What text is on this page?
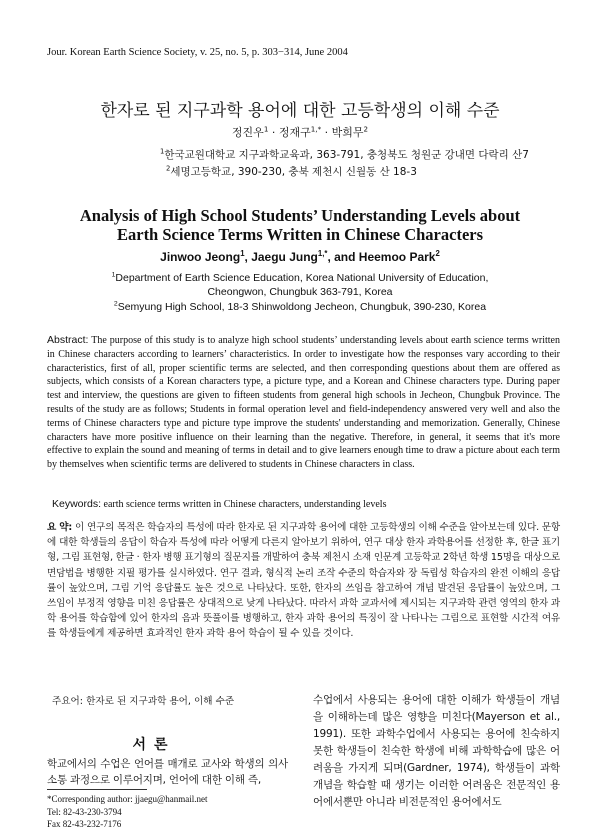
Jour. Korean Earth Science Society, v. 25, no. 5, p. 303−314, June 2004
한자로 된 지구과학 용어에 대한 고등학생의 이해 수준
정진우$^1$ · 정재구$^{1,*}$ · 박희무$^2$
$^1$한국교원대학교 지구과학교육과, 363-791, 충청북도 청원군 강내면 다락리 산7
$^2$세명고등학교, 390-230, 충북 제천시 신월동 산 18-3
Analysis of High School Students’ Understanding Levels about
Earth Science Terms Written in Chinese Characters
Jinwoo Jeong$^1$, Jaegu Jung$^{1,*}$, and Heemoo Park$^2$
$^1$Department of Earth Science Education, Korea National University of Education,
Cheongwon, Chungbuk 363-791, Korea
$^2$Semyung High School, 18-3 Shinwoldong Jecheon, Chungbuk, 390-230, Korea
Abstract: The purpose of this study is to analyze high school students’ understanding levels about earth science terms written in Chinese characters according to learners’ characteristics. In order to investigate how the responses vary according to their characteristics, first of all, proper scientific terms are selected, and then corresponding questions about them are offered as subjects, which consists of a Korean characters type, a picture type, and a Korean and Chinese characters type. During paper test and interview, the questions are given to fifteen students from general high schools in Jecheon, Chungbuk Province. The results of the study are as follows; Students in formal operation level and field-independency answered very well and also the terms of Chinese characters type and picture type improve the students' understanding and memorization. Generally, Chinese characters have more positive influence on their learning than the negative. Therefore, in general, it seems that it's more effective to explain the sound and meaning of terms in detail and to give learners enough time to draw a picture about each term by themselves when scientific terms are delivered to students in Chinese characters in class.
Keywords: earth science terms written in Chinese characters, understanding levels
요 약: 이 연구의 목적은 학습자의 특성에 따라 한자로 된 지구과학 용어에 대한 고등학생의 이해 수준을 알아보는데 있다. 문항에 대한 학생들의 응답이 학습자 특성에 따라 어떻게 다른지 알아보기 위하여, 연구 대상 한자 과학용어를 선정한 후, 한글 표기형, 그림 표현형, 한글 · 한자 병행 표기형의 질문지를 개발하여 충북 제천시 소재 인문계 고등학교 2학년 학생 15명을 대상으로 면담법을 병행한 지필 평가를 실시하였다. 연구 결과, 형식적 논리 조작 수준의 학습자와 장 독립성 학습자의 완전 이해의 응답률이 높았으며, 그림 기억 응답률도 높은 것으로 나타났다. 또한, 한자의 쓰임을 참고하여 개념 발견된 응답률이 높았으며, 그 쓰임이 부정적 영향을 미친 응답률은 상대적으로 낮게 나타났다. 따라서 과학 교과서에 제시되는 지구과학 관련 영역의 한자 과학 용어를 학습함에 있어 한자의 음과 뜻풀이를 병행하고, 한자 과학 용어의 특징이 잘 나타나는 그림으로 표현할 시간적 여유를 학생들에게 제공하면 효과적인 한자 과학 용어 학습이 될 수 있을 것이다.
주요어: 한자로 된 지구과학 용어, 이해 수준
서론
학교에서의 수업은 언어를 매개로 교사와 학생의 의사소통 과정으로 이루어지며, 언어에 대한 이해 즉,
*Corresponding author: jjaegu@hanmail.net
Tel: 82-43-230-3794
Fax 82-43-232-7176
수업에서 사용되는 용어에 대한 이해가 학생들이 개념을 이해하는데 많은 영향을 미친다(Mayerson et al., 1991). 또한 과학수업에서 사용되는 용어에 친숙하지 못한 학생들이 친숙한 학생에 비해 과학학습에 많은 어려움을 가지게 되며(Gardner, 1974), 학생들이 과학 개념을 학습할 때 생기는 이러한 어려움은 전문적인 용어에서뿐만 아니라 비전문적인 용어에서도
